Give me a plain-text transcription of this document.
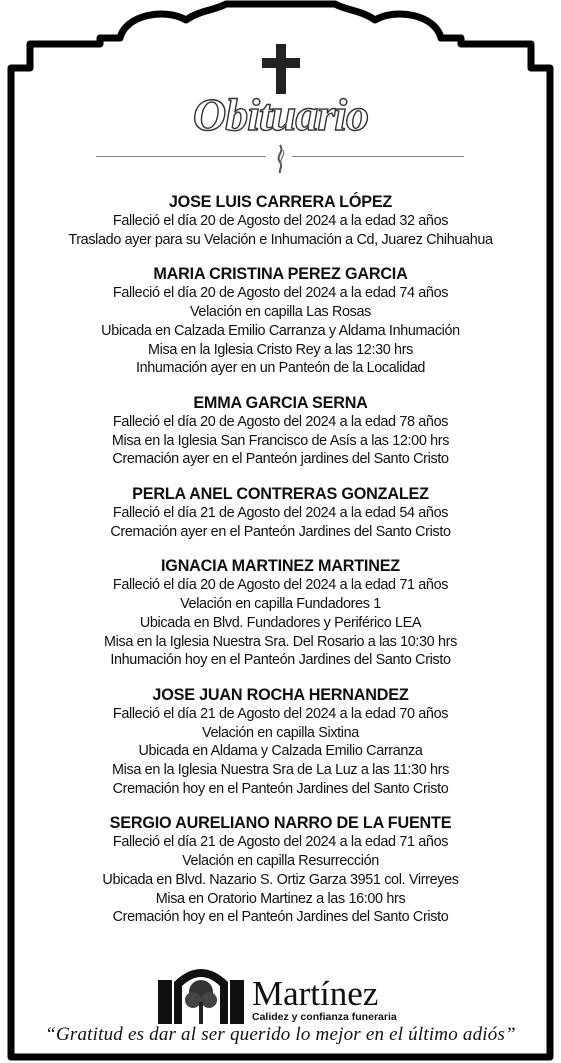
Obituario
JOSE LUIS CARRERA LÓPEZ
Falleció el día 20 de Agosto del 2024 a la edad 32 años
Traslado ayer para su Velación e Inhumación a Cd, Juarez Chihuahua
MARIA CRISTINA PEREZ GARCIA
Falleció el día 20 de Agosto del 2024 a la edad 74 años
Velación en capilla Las Rosas
Ubicada en Calzada Emilio Carranza y Aldama Inhumación
Misa en la Iglesia Cristo Rey a las 12:30 hrs
Inhumación ayer en un Panteón de la Localidad
EMMA GARCIA SERNA
Falleció el día 20 de Agosto del 2024 a la edad 78 años
Misa en la Iglesia San Francisco de Asís a las 12:00 hrs
Cremación ayer en el Panteón jardines del Santo Cristo
PERLA ANEL CONTRERAS GONZALEZ
Falleció el día 21 de Agosto del 2024 a la edad 54 años
Cremación ayer en el Panteón Jardines del Santo Cristo
IGNACIA MARTINEZ MARTINEZ
Falleció el día 20 de Agosto del 2024 a la edad 71 años
Velación en capilla Fundadores 1
Ubicada en Blvd. Fundadores y Periférico LEA
Misa en la Iglesia Nuestra Sra. Del Rosario a las 10:30 hrs
Inhumación hoy en el Panteón Jardines del Santo Cristo
JOSE JUAN ROCHA HERNANDEZ
Falleció el día 21 de Agosto del 2024 a la edad 70 años
Velación en capilla Sixtina
Ubicada en Aldama y Calzada Emilio Carranza
Misa en la Iglesia Nuestra Sra de La Luz a las 11:30 hrs
Cremación hoy en el Panteón Jardines del Santo Cristo
SERGIO AURELIANO NARRO DE LA FUENTE
Falleció el día 21 de Agosto del 2024 a la edad 71 años
Velación en capilla Resurrección
Ubicada en Blvd. Nazario S. Ortiz Garza 3951 col. Virreyes
Misa en Oratorio Martinez a las 16:00 hrs
Cremación hoy en el Panteón Jardines del Santo Cristo
Martínez
Calidez y confianza funeraria
“Gratitud es dar al ser querido lo mejor en el último adiós”
